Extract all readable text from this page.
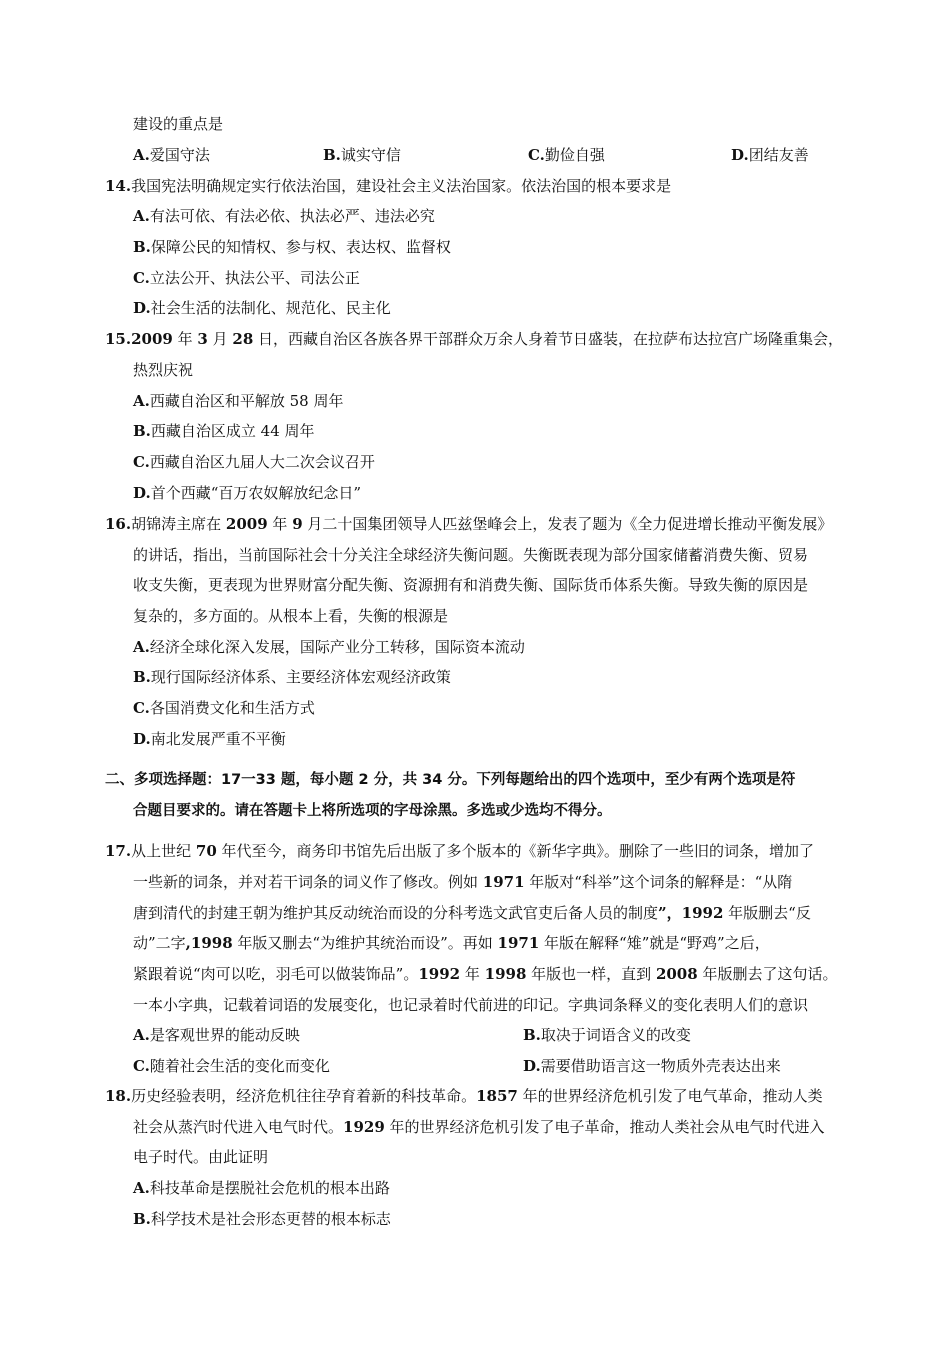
建设的重点是
A.爱国守法	B.诚实守信	C.勤俭自强	D.团结友善
14.我国宪法明确规定实行依法治国，建设社会主义法治国家。依法治国的根本要求是
A.有法可依、有法必依、执法必严、违法必究
B.保障公民的知情权、参与权、表达权、监督权
C.立法公开、执法公平、司法公正
D.社会生活的法制化、规范化、民主化
15.2009 年 3 月 28 日，西藏自治区各族各界干部群众万余人身着节日盛装，在拉萨布达拉宫广场隆重集会，
热烈庆祝
A.西藏自治区和平解放 58 周年
B.西藏自治区成立 44 周年
C.西藏自治区九届人大二次会议召开
D.首个西藏“百万农奴解放纪念日”
16.胡锦涛主席在 2009 年 9 月二十国集团领导人匹兹堡峰会上，发表了题为《全力促进增长推动平衡发展》
的讲话，指出，当前国际社会十分关注全球经济失衡问题。失衡既表现为部分国家储蓄消费失衡、贸易
收支失衡，更表现为世界财富分配失衡、资源拥有和消费失衡、国际货币体系失衡。导致失衡的原因是
复杂的，多方面的。从根本上看，失衡的根源是
A.经济全球化深入发展，国际产业分工转移，国际资本流动
B.现行国际经济体系、主要经济体宏观经济政策
C.各国消费文化和生活方式
D.南北发展严重不平衡
二、多项选择题：17一33 题，每小题 2 分，共 34 分。下列每题给出的四个选项中，至少有两个选项是符
合题目要求的。请在答题卡上将所选项的字母涂黑。多选或少选均不得分。
17.从上世纪 70 年代至今，商务印书馆先后出版了多个版本的《新华字典》。删除了一些旧的词条，增加了
一些新的词条，并对若干词条的词义作了修改。例如 1971 年版对“科举”这个词条的解释是：“从隋
唐到清代的封建王朝为维护其反动统治而设的分科考选文武官吏后备人员的制度”，1992 年版删去“反
动”二字,1998 年版又删去“为维护其统治而设”。再如 1971 年版在解释“雉”就是“野鸡”之后，
紧跟着说“肉可以吃，羽毛可以做装饰品”。1992 年 1998 年版也一样，直到 2008 年版删去了这句话。
一本小字典，记载着词语的发展变化，也记录着时代前进的印记。字典词条释义的变化表明人们的意识
A.是客观世界的能动反映	B.取决于词语含义的改变
C.随着社会生活的变化而变化	D.需要借助语言这一物质外壳表达出来
18.历史经验表明，经济危机往往孕育着新的科技革命。1857 年的世界经济危机引发了电气革命，推动人类
社会从蒸汽时代进入电气时代。1929 年的世界经济危机引发了电子革命，推动人类社会从电气时代进入
电子时代。由此证明
A.科技革命是摆脱社会危机的根本出路
B.科学技术是社会形态更替的根本标志
